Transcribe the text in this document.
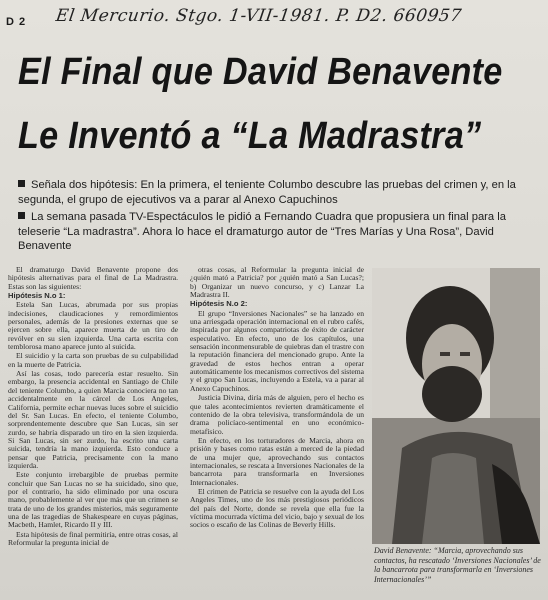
D 2 El Mercurio. Stgo. 1-VII-1981. P. D2. 660957
El Final que David Benavente
Le Inventó a “La Madrastra”
Señala dos hipótesis: En la primera, el teniente Columbo descubre las pruebas del crimen y, en la segunda, el grupo de ejecutivos va a parar al Anexo Capuchinos
La semana pasada TV-Espectáculos le pidió a Fernando Cuadra que propusiera un final para la teleserie “La madrastra”. Ahora lo hace el dramaturgo autor de “Tres Marías y Una Rosa”, David Benavente

El dramaturgo David Benavente propone dos hipótesis alternativas para el final de La Madrastra. Estas son las siguientes:

Hipótesis N.o 1:

Estela San Lucas, abrumada por sus propias indecisiones, claudicaciones y remordimientos personales, además de la presiones externas que se ejercen sobre ella, aparece muerta de un tiro de revólver en su sien izquierda. Una carta escrita con temblorosa mano aparece junto al suicida.

El suicidio y la carta son pruebas de su culpabilidad en la muerte de Patricia.

Así las cosas, todo parecería estar resuelto. Sin embargo, la presencia accidental en Santiago de Chile del teniente Columbo, a quien Marcia conociera no tan accidentalmente en la cárcel de Los Angeles, California, permite echar nuevas luces sobre el suicidio del Sr. San Lucas. En efecto, el teniente Columbo, sorprendentemente descubre que San Lucas, sin ser zurdo, se habría disparado un tiro en la sien izquierda. Si San Lucas, sin ser zurdo, ha escrito una carta suicida, tendría la mano izquierda. Esto conduce a pensar que Patricia, precisamente con la mano izquierda.

Este conjunto irrebargible de pruebas permite concluir que San Lucas no se ha suicidado, sino que, por el contrario, ha sido eliminado por una oscura mano, probablemente al ver que más que un crimen se trata de uno de los grandes misterios, más seguramente una de las tragedias de Shakespeare en cuyas páginas, Macbeth, Hamlet, Ricardo II y III.

Esta hipótesis de final permitiría, entre otras cosas, al Reformular la pregunta inicial de

otras cosas, al Reformular la pregunta inicial de ¿quién mató a Patricia? por ¿quién mató a San Lucas?; b) Organizar un nuevo concurso, y c) Lanzar La Madrastra II.

Hipótesis N.o 2:

El grupo “Inversiones Nacionales” se ha lanzado en una arriesgada operación internacional en el rubro cafés, inspirada por algunos compatriotas de éxito de carácter especulativo. En efecto, uno de los capítulos, una sensación inconmensurable de quiebras dan el trastre con la reputación financiera del mencionado grupo. Ante la gravedad de estos hechos entran a operar automáticamente los mecanismos correctivos del sistema y el grupo San Lucas, incluyendo a Estela, va a parar al Anexo Capuchinos.

Justicia Divina, diría más de alguien, pero el hecho es que tales acontecimientos revierten dramáticamente el contenido de la obra televisiva, transformándola de un drama policíaco-sentimental en uno económico-metafísico.

En efecto, en los torturadores de Marcia, ahora en prisión y bases como ratas están a merced de la piedad de una mujer que, aprovechando sus contactos internacionales, se rescata a Inversiones Nacionales de la bancarrota para transformarla en Inversiones Internacionales.

El crimen de Patricia se resuelve con la ayuda del Los Angeles Times, uno de los más prestigiosos periódicos del país del Norte, donde se revela que ella fue la víctima mocurrada víctima del vicio, bajo y sexual de los socios o escaño de las Colinas de Beverly Hills.

David Benavente: “Marcia, aprovechando sus contactos, ha rescatado ‘Inversiones Nacionales’ de la bancarrota para transformarla en ‘Inversiones Internacionales’”
